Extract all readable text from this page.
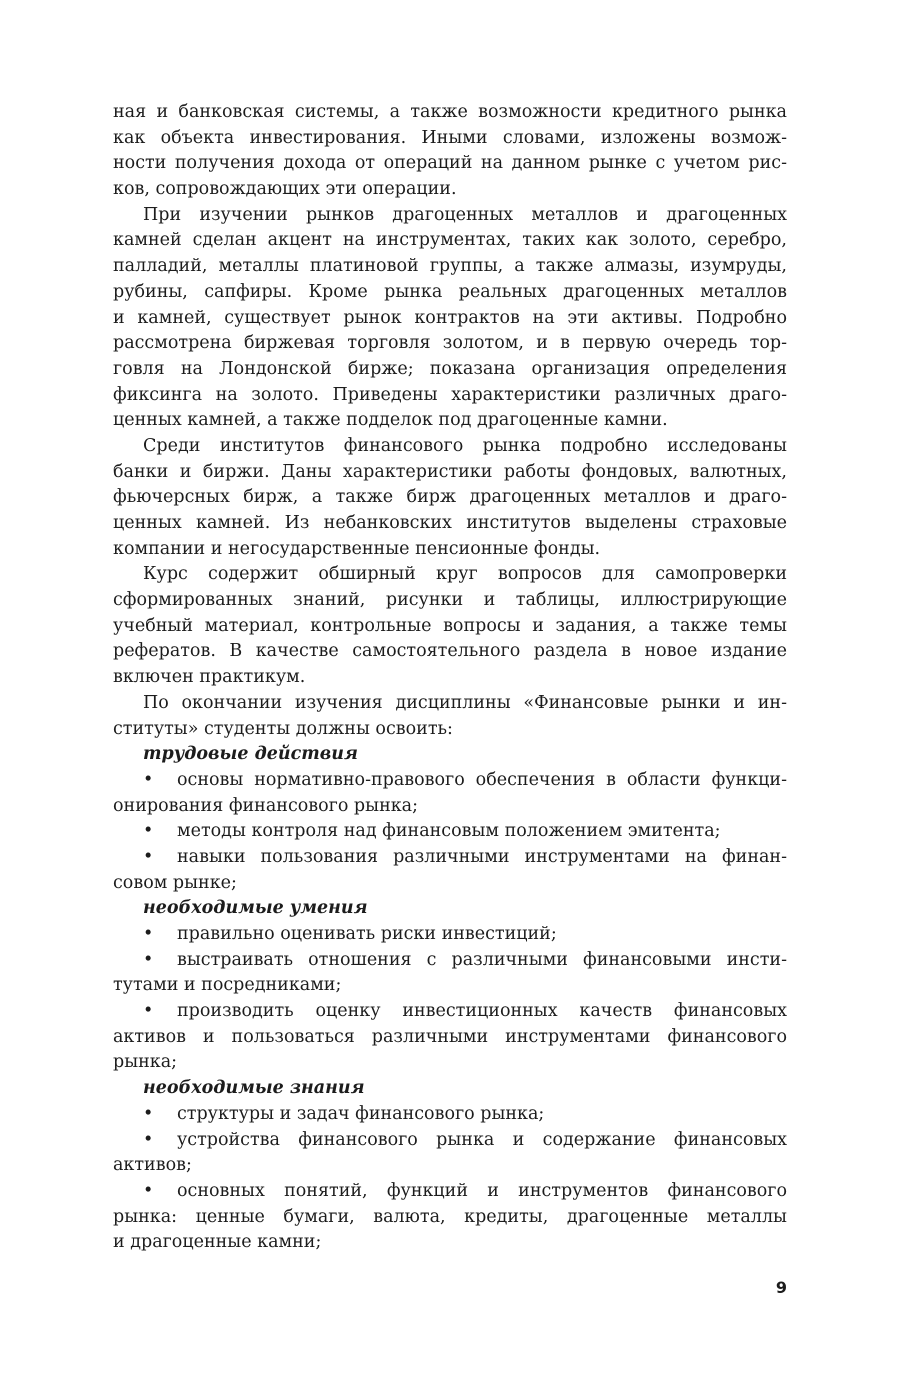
ная и банковская системы, а также возможности кредитного рынка
как объекта инвестирования. Иными словами, изложены возмож-
ности получения дохода от операций на данном рынке с учетом рис-
ков, сопровождающих эти операции.
При изучении рынков драгоценных металлов и драгоценных
камней сделан акцент на инструментах, таких как золото, серебро,
палладий, металлы платиновой группы, а также алмазы, изумруды,
рубины, сапфиры. Кроме рынка реальных драгоценных металлов
и камней, существует рынок контрактов на эти активы. Подробно
рассмотрена биржевая торговля золотом, и в первую очередь тор-
говля на Лондонской бирже; показана организация определения
фиксинга на золото. Приведены характеристики различных драго-
ценных камней, а также подделок под драгоценные камни.
Среди институтов финансового рынка подробно исследованы
банки и биржи. Даны характеристики работы фондовых, валютных,
фьючерсных бирж, а также бирж драгоценных металлов и драго-
ценных камней. Из небанковских институтов выделены страховые
компании и негосударственные пенсионные фонды.
Курс содержит обширный круг вопросов для самопроверки
сформированных знаний, рисунки и таблицы, иллюстрирующие
учебный материал, контрольные вопросы и задания, а также темы
рефератов. В качестве самостоятельного раздела в новое издание
включен практикум.
По окончании изучения дисциплины «Финансовые рынки и ин-
ституты» студенты должны освоить:
трудовые действия
• основы нормативно-правового обеспечения в области функци-
онирования финансового рынка;
• методы контроля над финансовым положением эмитента;
• навыки пользования различными инструментами на финан-
совом рынке;
необходимые умения
• правильно оценивать риски инвестиций;
• выстраивать отношения с различными финансовыми инсти-
тутами и посредниками;
• производить оценку инвестиционных качеств финансовых
активов и пользоваться различными инструментами финансового
рынка;
необходимые знания
• структуры и задач финансового рынка;
• устройства финансового рынка и содержание финансовых
активов;
• основных понятий, функций и инструментов финансового
рынка: ценные бумаги, валюта, кредиты, драгоценные металлы
и драгоценные камни;
9
